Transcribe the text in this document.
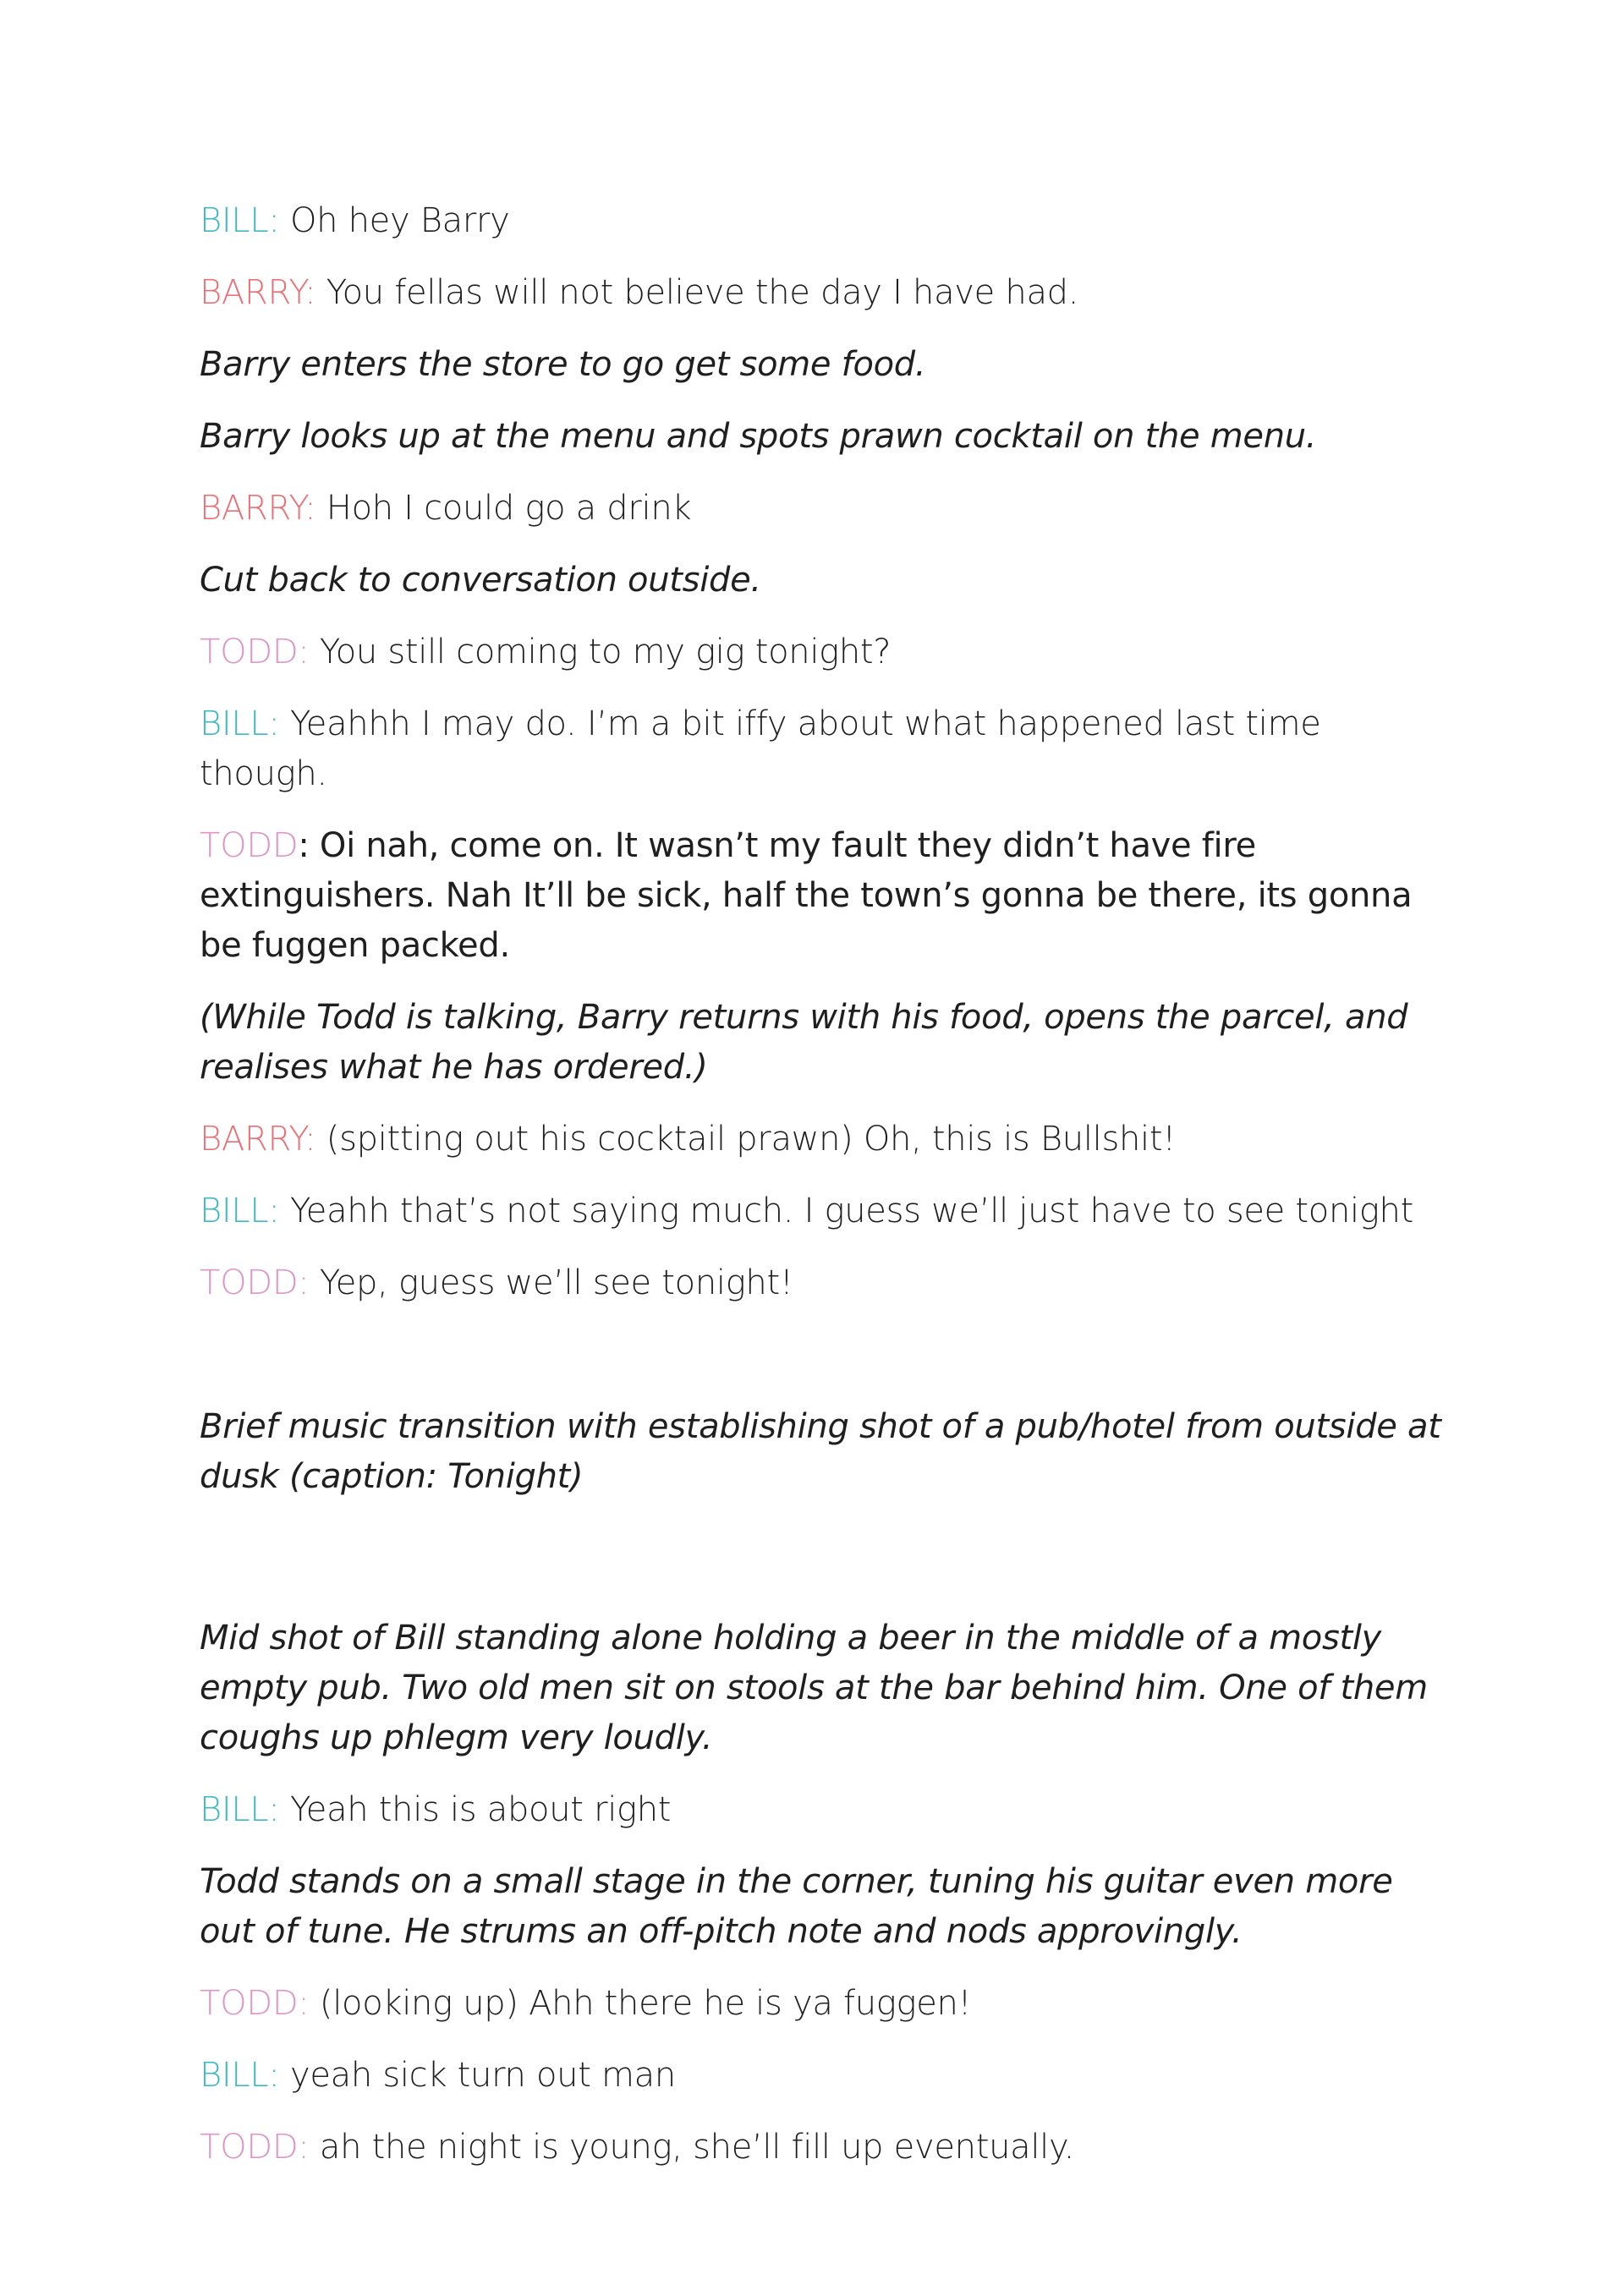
BILL: Oh hey Barry
BARRY: You fellas will not believe the day I have had.
Barry enters the store to go get some food.
Barry looks up at the menu and spots prawn cocktail on the menu.
BARRY: Hoh I could go a drink
Cut back to conversation outside.
TODD: You still coming to my gig tonight?
BILL: Yeahhh I may do. I’m a bit iffy about what happened last time though.
TODD: Oi nah, come on. It wasn’t my fault they didn’t have fire extinguishers. Nah It’ll be sick, half the town’s gonna be there, its gonna be fuggen packed.
(While Todd is talking, Barry returns with his food, opens the parcel, and realises what he has ordered.)
BARRY: (spitting out his cocktail prawn) Oh, this is Bullshit!
BILL: Yeahh that’s not saying much. I guess we’ll just have to see tonight
TODD: Yep, guess we’ll see tonight!
Brief music transition with establishing shot of a pub/hotel from outside at dusk (caption: Tonight)
Mid shot of Bill standing alone holding a beer in the middle of a mostly empty pub. Two old men sit on stools at the bar behind him. One of them coughs up phlegm very loudly.
BILL: Yeah this is about right
Todd stands on a small stage in the corner, tuning his guitar even more out of tune. He strums an off-pitch note and nods approvingly.
TODD: (looking up) Ahh there he is ya fuggen!
BILL: yeah sick turn out man
TODD: ah the night is young, she’ll fill up eventually.
